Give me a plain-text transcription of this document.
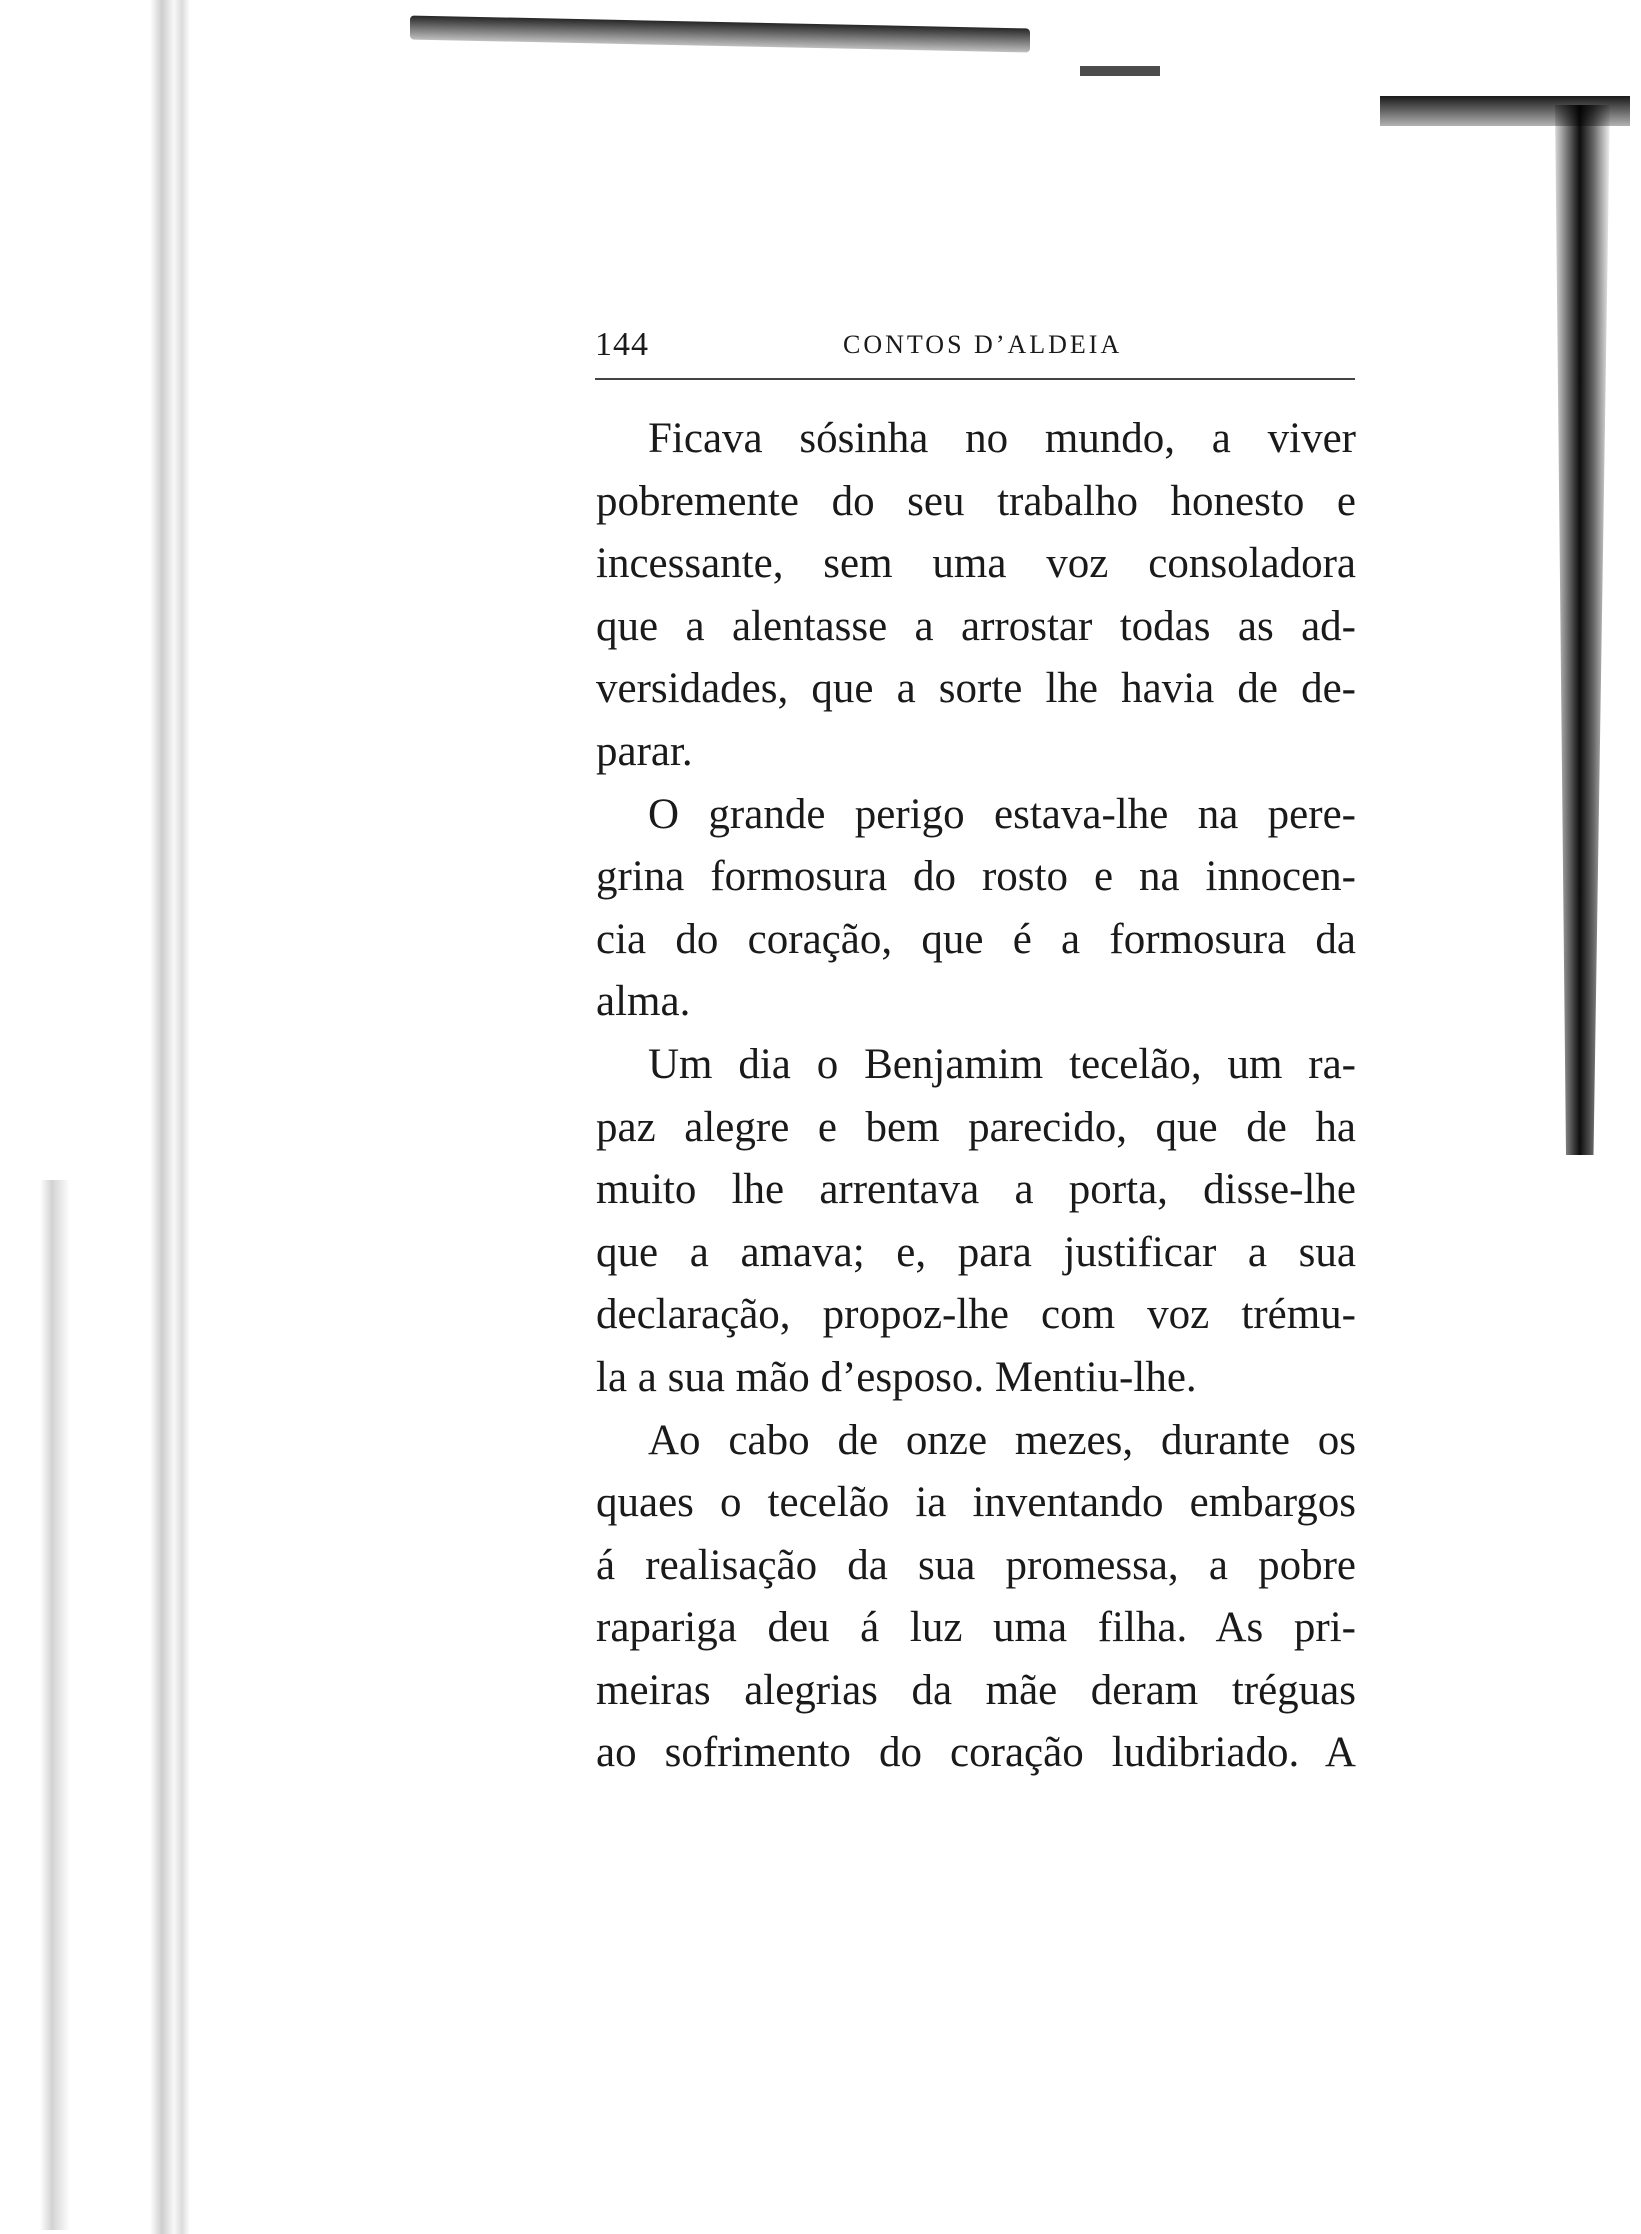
144	CONTOS D’ALDEIA

Ficava sósinha no mundo, a viver
pobremente do seu trabalho honesto e
incessante, sem uma voz consoladora
que a alentasse a arrostar todas as ad-
versidades, que a sorte lhe havia de de-
parar.

O grande perigo estava-lhe na pere-
grina formosura do rosto e na innocen-
cia do coração, que é a formosura da
alma.

Um dia o Benjamim tecelão, um ra-
paz alegre e bem parecido, que de ha
muito lhe arrentava a porta, disse-lhe
que a amava; e, para justificar a sua
declaração, propoz-lhe com voz trému-
la a sua mão d’esposo. Mentiu-lhe.

Ao cabo de onze mezes, durante os
quaes o tecelão ia inventando embargos
á realisação da sua promessa, a pobre
rapariga deu á luz uma filha. As pri-
meiras alegrias da mãe deram tréguas
ao sofrimento do coração ludibriado. A
